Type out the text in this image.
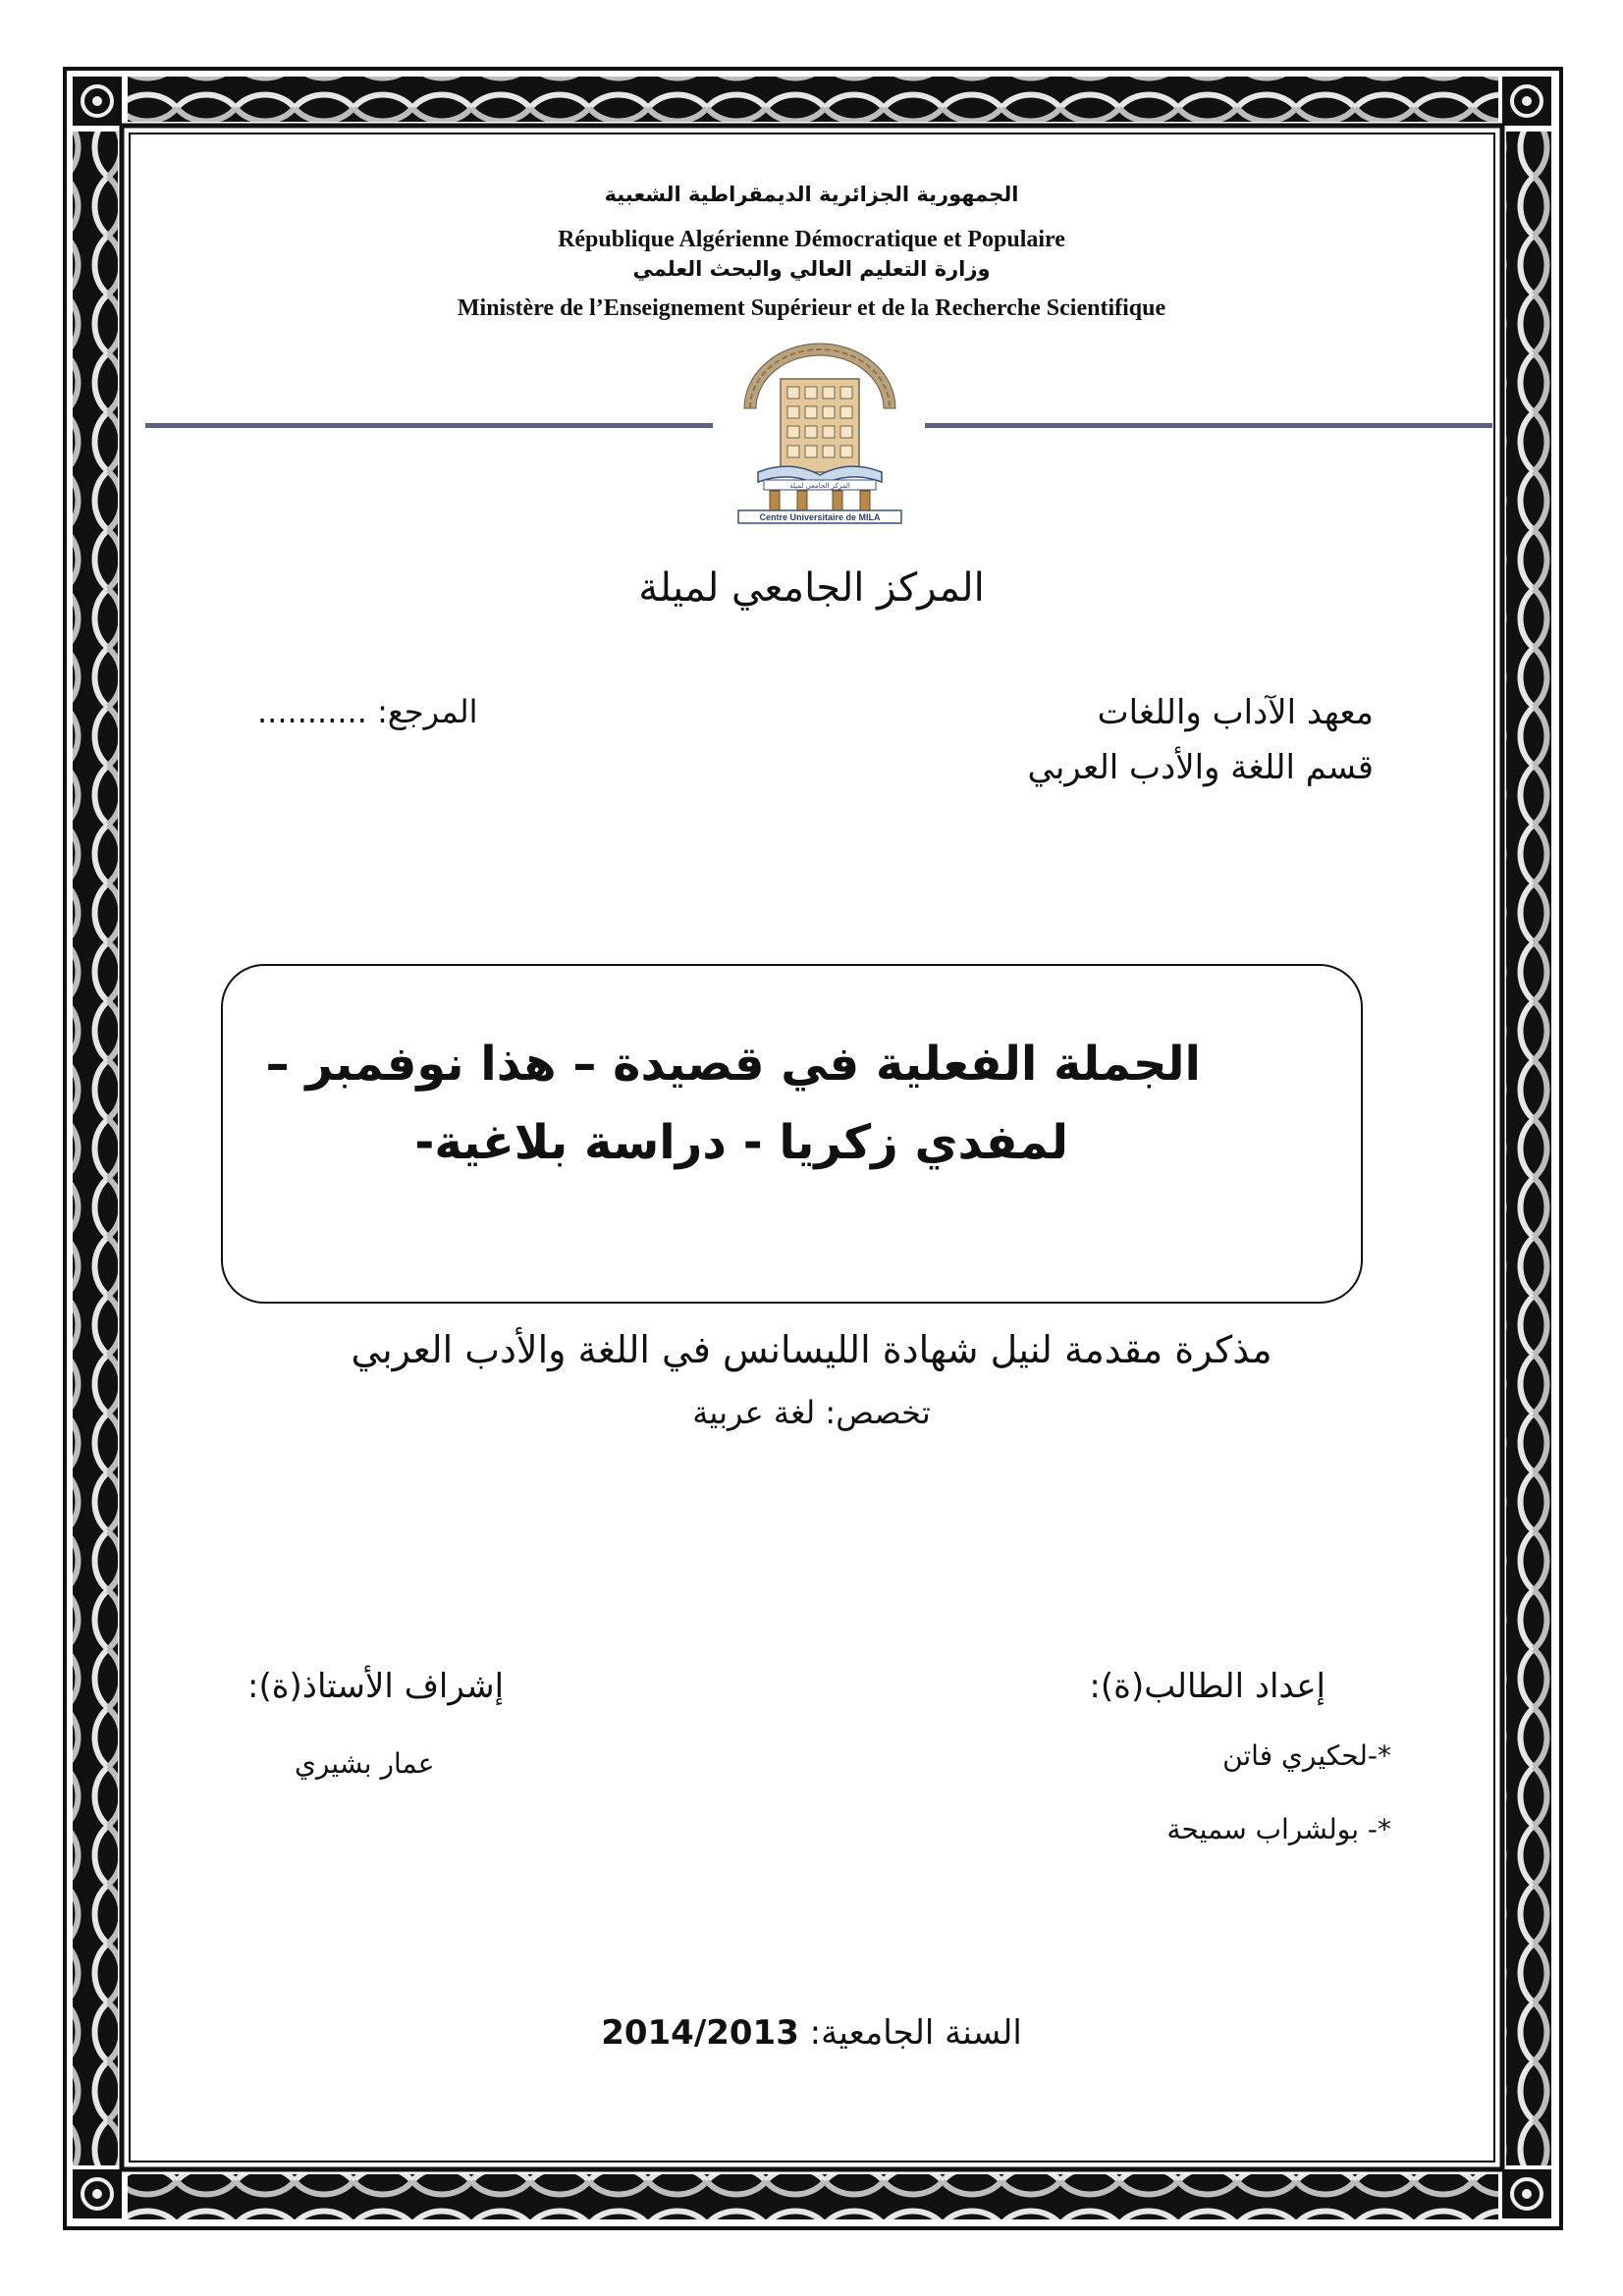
الجمهورية الجزائرية الديمقراطية الشعبية
République Algérienne Démocratique et Populaire
وزارة التعليم العالي والبحث العلمي
Ministère de l’Enseignement Supérieur et de la Recherche Scientifique
المركز الجامعي لميلة
Centre Universitaire de MILA
المركز الجامعي لميلة
معهد الآداب واللغات
قسم اللغة والأدب العربي
المرجع: ...........
الجملة الفعلية في قصيدة – هذا نوفمبر –
لمفدي زكريا - دراسة بلاغية-
مذكرة مقدمة لنيل شهادة الليسانس في اللغة والأدب العربي
تخصص: لغة عربية
إعداد الطالب(ة):
إشراف الأستاذ(ة):
*-لحكيري فاتن
*- بولشراب سميحة
عمار بشيري
السنة الجامعية: 2014/2013
